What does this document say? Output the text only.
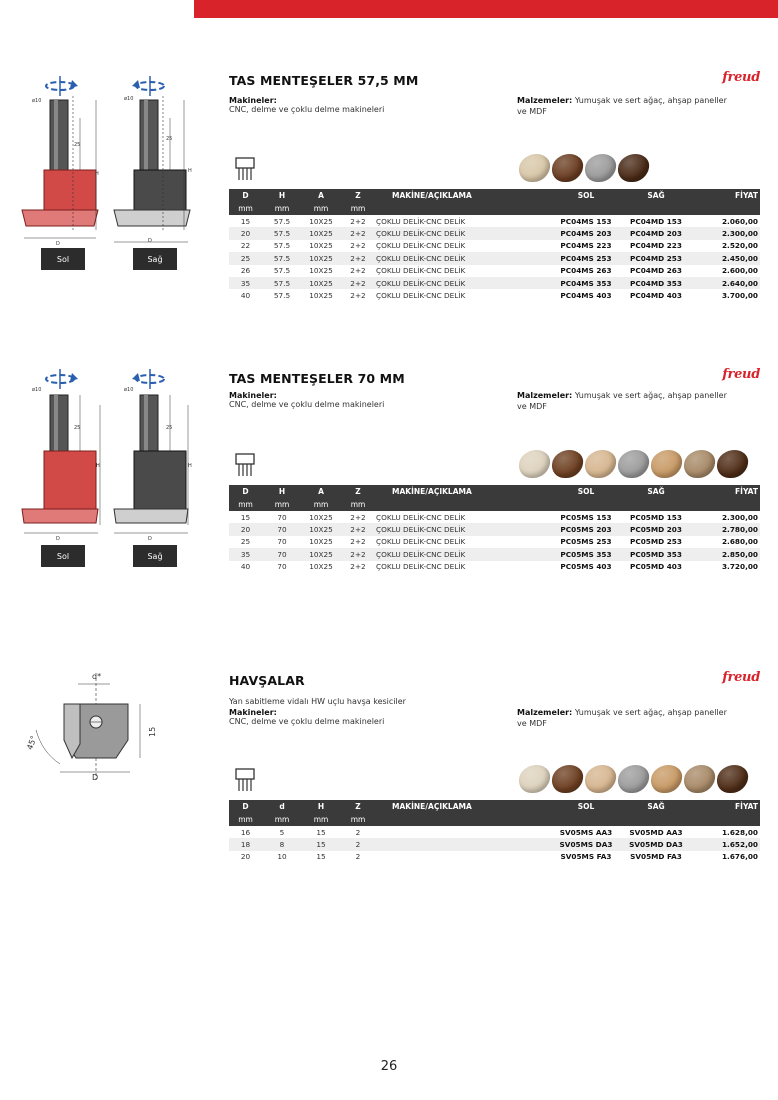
TAS MENTEŞELER 57,5 MM	freud
Makineler:
CNC, delme ve çoklu delme makineleri
Malzemeler: Yumuşak ve sert ağaç, ahşap paneller ve MDF
ø10	ø10
25
25
H	H
D	D
Sol	Sağ
D	H	A	Z	MAKİNE/AÇIKLAMA	SOL	SAĞ	FİYAT
mm	mm	mm	mm				
15	57.5	10X25	2+2	ÇOKLU DELİK-CNC DELİK	PC04MS 153	PC04MD 153	2.060,00
20	57.5	10X25	2+2	ÇOKLU DELİK-CNC DELİK	PC04MS 203	PC04MD 203	2.300,00
22	57.5	10X25	2+2	ÇOKLU DELİK-CNC DELİK	PC04MS 223	PC04MD 223	2.520,00
25	57.5	10X25	2+2	ÇOKLU DELİK-CNC DELİK	PC04MS 253	PC04MD 253	2.450,00
26	57.5	10X25	2+2	ÇOKLU DELİK-CNC DELİK	PC04MS 263	PC04MD 263	2.600,00
35	57.5	10X25	2+2	ÇOKLU DELİK-CNC DELİK	PC04MS 353	PC04MD 353	2.640,00
40	57.5	10X25	2+2	ÇOKLU DELİK-CNC DELİK	PC04MS 403	PC04MD 403	3.700,00
TAS MENTEŞELER 70 MM	freud
Makineler:
CNC, delme ve çoklu delme makineleri
Malzemeler: Yumuşak ve sert ağaç, ahşap paneller ve MDF
ø10	ø10
25	25
H	H
D	D
Sol	Sağ
D	H	A	Z	MAKİNE/AÇIKLAMA	SOL	SAĞ	FİYAT
mm	mm	mm	mm				
15	70	10X25	2+2	ÇOKLU DELİK-CNC DELİK	PC05MS 153	PC05MD 153	2.300,00
20	70	10X25	2+2	ÇOKLU DELİK-CNC DELİK	PC05MS 203	PC05MD 203	2.780,00
25	70	10X25	2+2	ÇOKLU DELİK-CNC DELİK	PC05MS 253	PC05MD 253	2.680,00
35	70	10X25	2+2	ÇOKLU DELİK-CNC DELİK	PC05MS 353	PC05MD 353	2.850,00
40	70	10X25	2+2	ÇOKLU DELİK-CNC DELİK	PC05MS 403	PC05MD 403	3.720,00
HAVŞALAR	freud
Yan sabitleme vidalı HW uçlu havşa kesiciler
Makineler:
CNC, delme ve çoklu delme makineleri
Malzemeler: Yumuşak ve sert ağaç, ahşap paneller ve MDF
d*
45°
15
D
D	d	H	Z	MAKİNE/AÇIKLAMA	SOL	SAĞ	FİYAT
mm	mm	mm	mm				
16	5	15	2		SV05MS AA3	SV05MD AA3	1.628,00
18	8	15	2		SV05MS DA3	SV05MD DA3	1.652,00
20	10	15	2		SV05MS FA3	SV05MD FA3	1.676,00
26
